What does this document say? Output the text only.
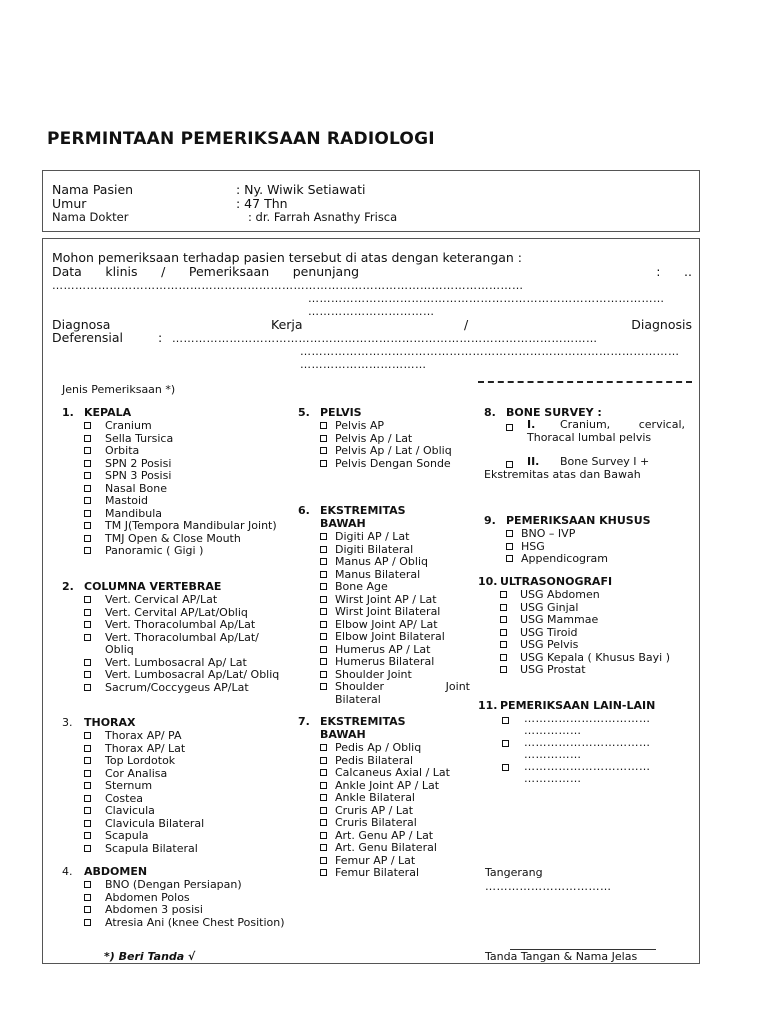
PERMINTAAN PEMERIKSAAN RADIOLOGI
Nama Pasien	: Ny. Wiwik Setiawati
Umur	: 47 Thn
Nama Dokter	: dr. Farrah Asnathy Frisca
Mohon pemeriksaan terhadap pasien tersebut di atas dengan keterangan :
Data klinis / Pemeriksaan penunjang	: ..
……………………………………………………………………………………………………………
…………………………………………………………………………………
……………………………
Diagnosa	Kerja	/	Diagnosis
Deferensial	: …………………………………………………………………………………………………
………………………………………………………………………………………
……………………………
Jenis Pemeriksaan *)
1. KEPALA
Cranium
Sella Tursica
Orbita
SPN 2 Posisi
SPN 3 Posisi
Nasal Bone
Mastoid
Mandibula
TM J(Tempora Mandibular Joint)
TMJ Open & Close Mouth
Panoramic ( Gigi )
2. COLUMNA VERTEBRAE
Vert. Cervical AP/Lat
Vert. Cervital AP/Lat/Obliq
Vert. Thoracolumbal Ap/Lat
Vert. Thoracolumbal Ap/Lat/ Obliq
Vert. Lumbosacral Ap/ Lat
Vert. Lumbosacral Ap/Lat/ Obliq
Sacrum/Coccygeus AP/Lat
3.	THORAX
Thorax AP/ PA
Thorax AP/ Lat
Top Lordotok
Cor Analisa
Sternum
Costea
Clavicula
Clavicula Bilateral
Scapula
Scapula Bilateral
4.	ABDOMEN
BNO (Dengan Persiapan)
Abdomen Polos
Abdomen 3 posisi
Atresia Ani (knee Chest Position)
*) Beri Tanda √
5. PELVIS
Pelvis AP
Pelvis Ap / Lat
Pelvis Ap / Lat / Obliq
Pelvis Dengan Sonde
6. EKSTREMITAS BAWAH
Digiti AP / Lat
Digiti Bilateral
Manus AP / Obliq
Manus Bilateral
Bone Age
Wirst Joint AP / Lat
Wirst Joint Bilateral
Elbow Joint AP/ Lat
Elbow Joint Bilateral
Humerus AP / Lat
Humerus Bilateral
Shoulder Joint
Shoulder Joint Bilateral
7. EKSTREMITAS BAWAH
Pedis Ap / Obliq
Pedis Bilateral
Calcaneus Axial / Lat
Ankle Joint AP / Lat
Ankle Bilateral
Cruris AP / Lat
Cruris Bilateral
Art. Genu AP / Lat
Art. Genu Bilateral
Femur AP / Lat
Femur Bilateral
8. BONE SURVEY :
I.	Cranium, cervical, Thoracal lumbal pelvis
II.	Bone Survey I + Ekstremitas atas dan Bawah
9. PEMERIKSAAN KHUSUS
BNO – IVP
HSG
Appendicogram
10. ULTRASONOGRAFI
USG Abdomen
USG Ginjal
USG Mammae
USG Tiroid
USG Pelvis
USG Kepala ( Khusus Bayi )
USG Prostat
11. PEMERIKSAAN LAIN-LAIN
……………………………
……………
……………………………
……………
……………………………
……………
Tangerang
……………………………
Tanda Tangan & Nama Jelas
